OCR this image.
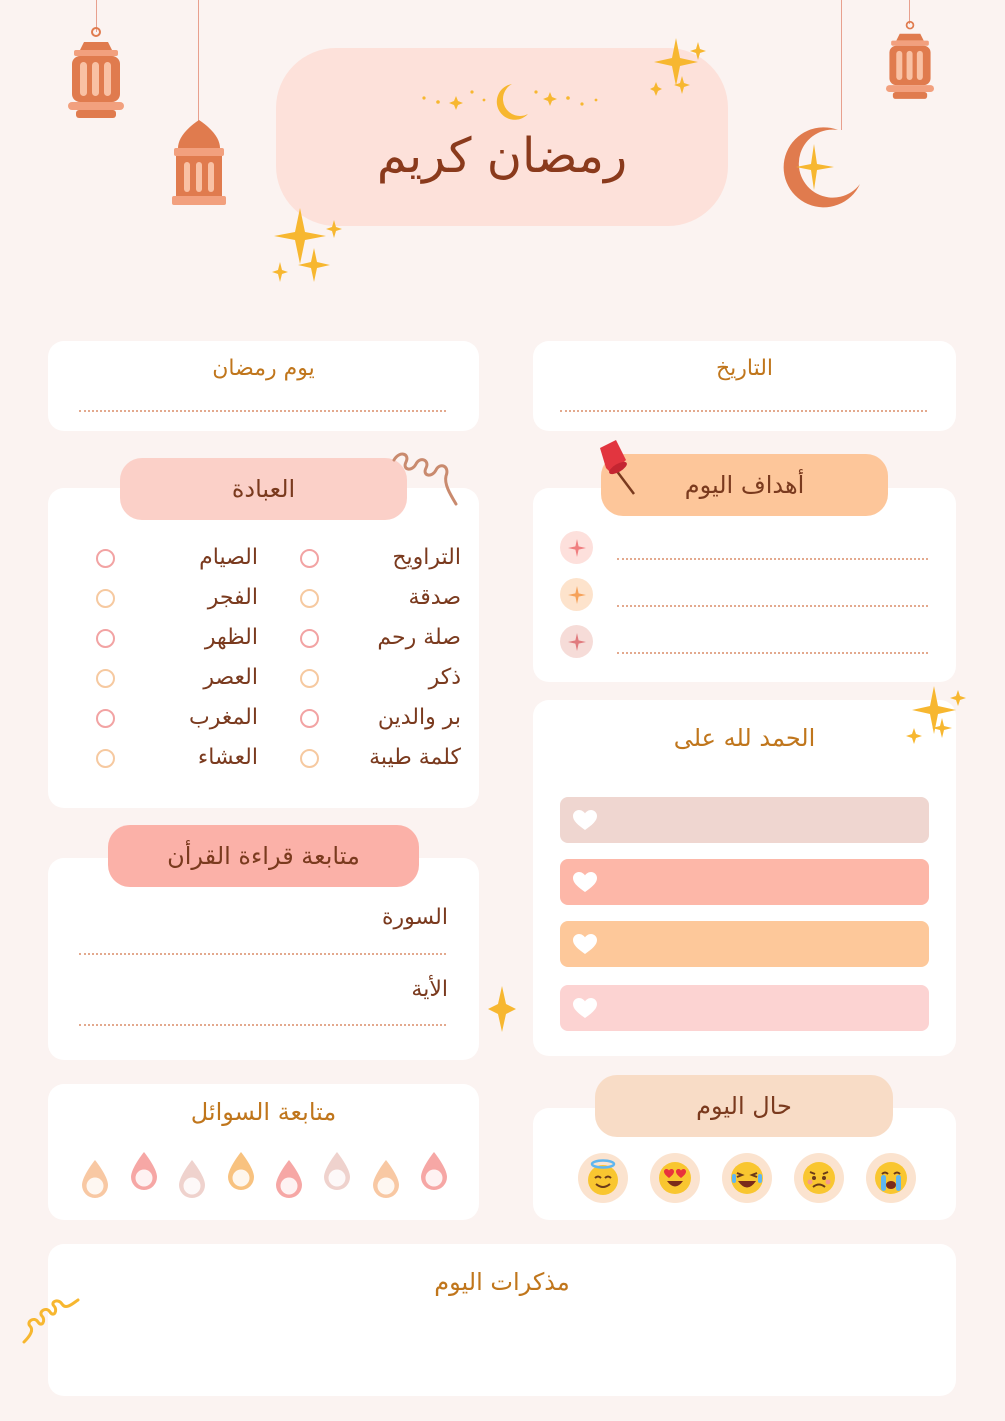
رمضان كريم
يوم رمضان	التاريخ
العبادة
التراويح
صدقة
صلة رحم
ذكر
بر والدين
كلمة طيبة
الصيام
الفجر
الظهر
العصر
المغرب
العشاء
أهداف اليوم
الحمد لله على
متابعة قراءة القرأن
السورة
الأية
متابعة السوائل	حال اليوم
مذكرات اليوم
